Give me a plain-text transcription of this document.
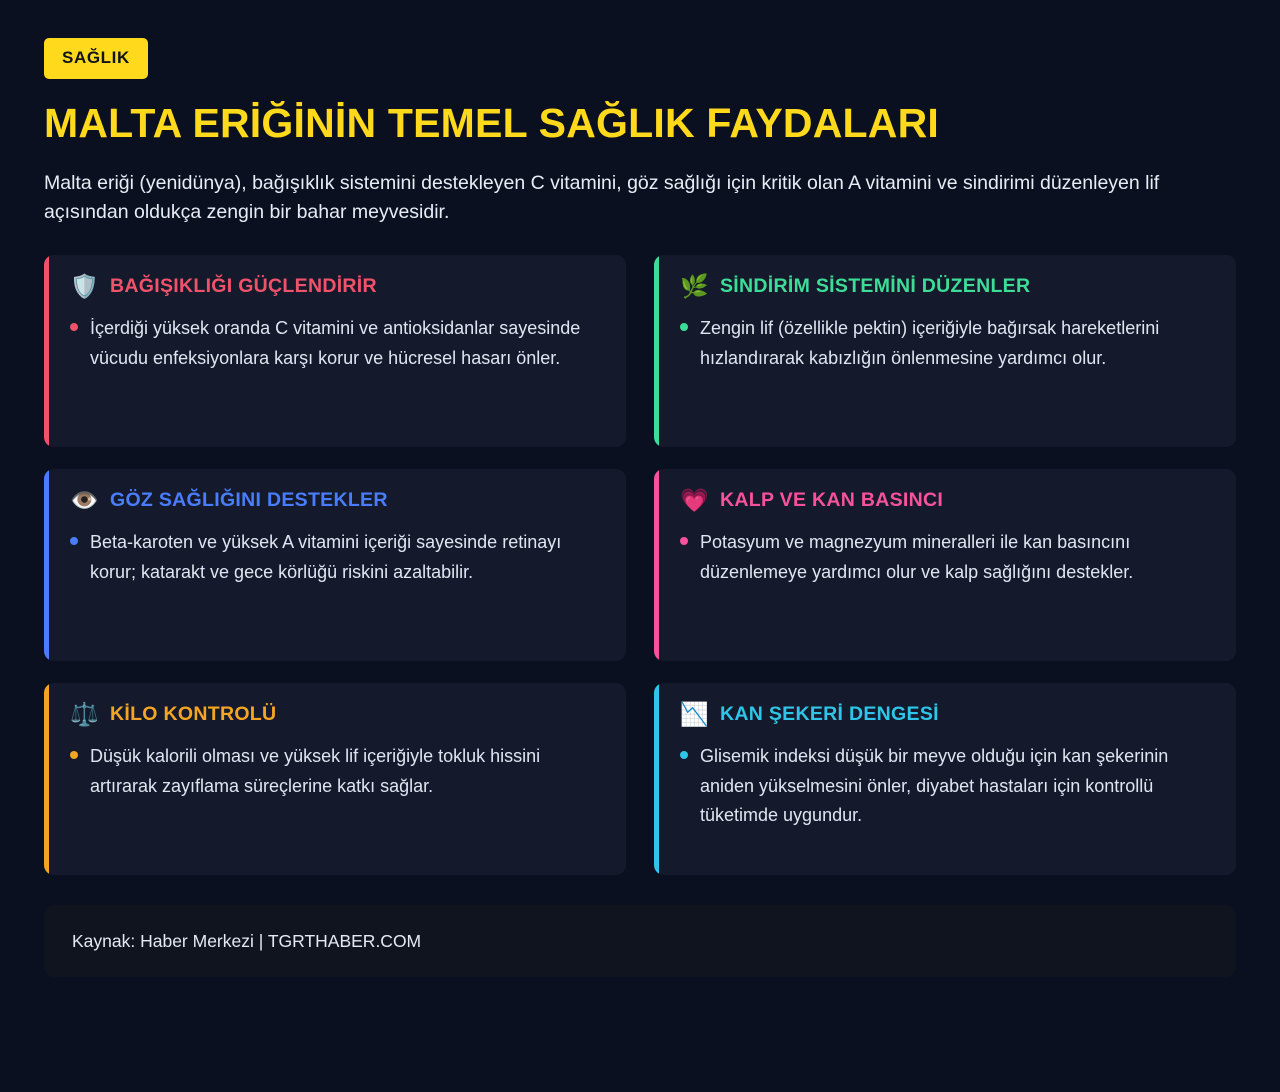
SAĞLIK
MALTA ERİĞİNİN TEMEL SAĞLIK FAYDALARI

Malta eriği (yenidünya), bağışıklık sistemini destekleyen C vitamini, göz sağlığı için kritik olan A vitamini ve sindirimi düzenleyen lif açısından oldukça zengin bir bahar meyvesidir.

🛡️ BAĞIŞIKLIĞI GÜÇLENDİRİR
İçerdiği yüksek oranda C vitamini ve antioksidanlar sayesinde vücudu enfeksiyonlara karşı korur ve hücresel hasarı önler.
🌿 SİNDİRİM SİSTEMİNİ DÜZENLER
Zengin lif (özellikle pektin) içeriğiyle bağırsak hareketlerini hızlandırarak kabızlığın önlenmesine yardımcı olur.
👁️ GÖZ SAĞLIĞINI DESTEKLER
Beta-karoten ve yüksek A vitamini içeriği sayesinde retinayı korur; katarakt ve gece körlüğü riskini azaltabilir.
💗 KALP VE KAN BASINCI
Potasyum ve magnezyum mineralleri ile kan basıncını düzenlemeye yardımcı olur ve kalp sağlığını destekler.
⚖️ KİLO KONTROLÜ
Düşük kalorili olması ve yüksek lif içeriğiyle tokluk hissini artırarak zayıflama süreçlerine katkı sağlar.
📉 KAN ŞEKERİ DENGESİ
Glisemik indeksi düşük bir meyve olduğu için kan şekerinin aniden yükselmesini önler, diyabet hastaları için kontrollü tüketimde uygundur.
Kaynak: Haber Merkezi | TGRTHABER.COM
